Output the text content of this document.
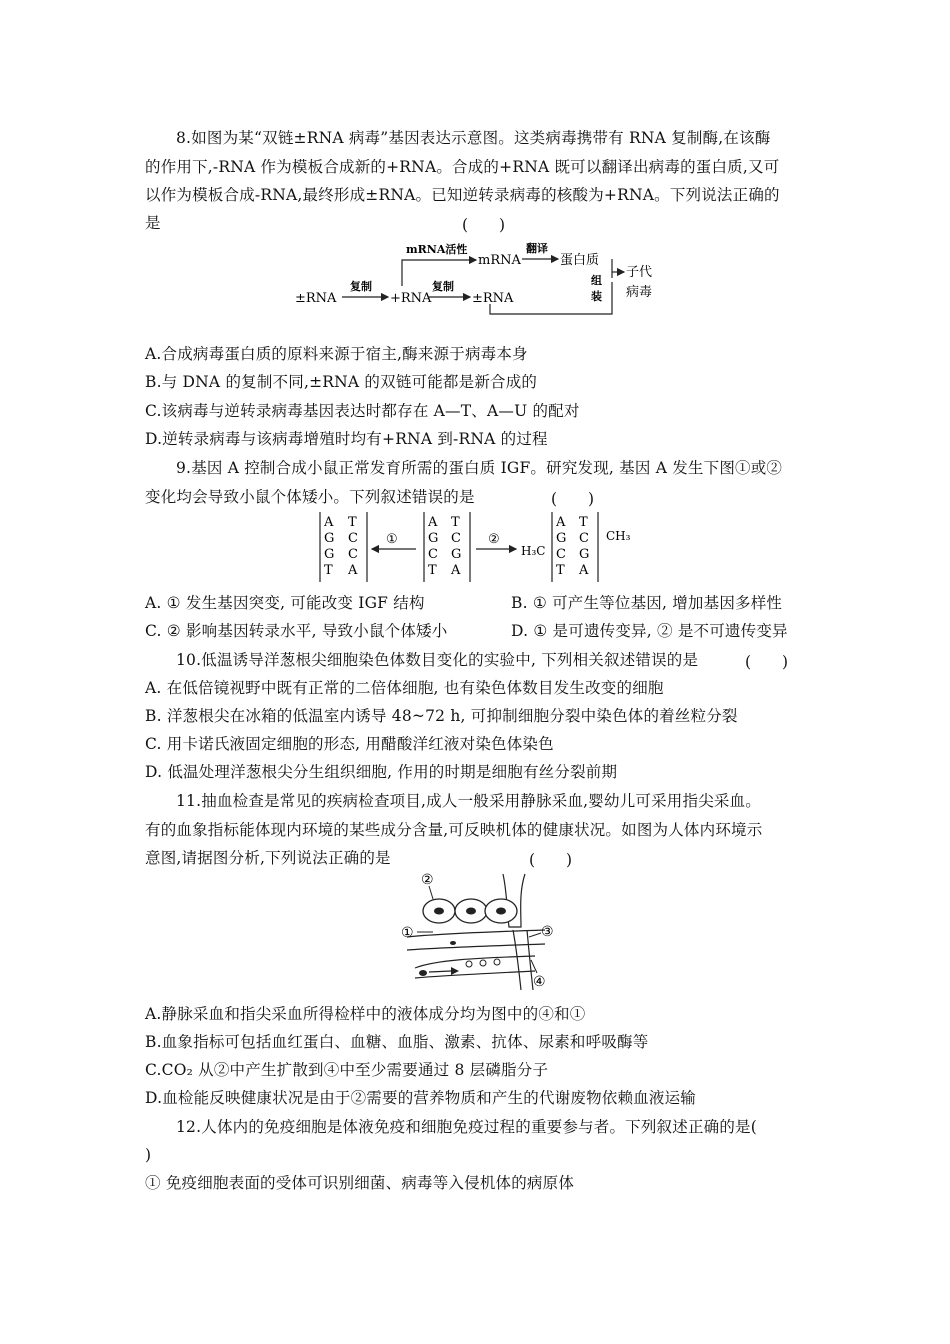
8.如图为某“双链±RNA 病毒”基因表达示意图。这类病毒携带有 RNA 复制酶,在该酶
的作用下,-RNA 作为模板合成新的+RNA。合成的+RNA 既可以翻译出病毒的蛋白质,又可
以作为模板合成-RNA,最终形成±RNA。已知逆转录病毒的核酸为+RNA。下列说法正确的
是	(　　)
±RNA
复制
+RNA
复制
±RNA
mRNA活性
mRNA
翻译
蛋白质
组
装
子代
病毒
A.合成病毒蛋白质的原料来源于宿主,酶来源于病毒本身
B.与 DNA 的复制不同,±RNA 的双链可能都是新合成的
C.该病毒与逆转录病毒基因表达时都存在 A—T、A—U 的配对
D.逆转录病毒与该病毒增殖时均有+RNA 到-RNA 的过程
9.基因 A 控制合成小鼠正常发育所需的蛋白质 IGF。研究发现, 基因 A 发生下图①或②
变化均会导致小鼠个体矮小。下列叙述错误的是	(　　)
A
G
G
T
T
C
C
A
①
A
G
C
T
T
C
G
A
②
H₃C
A
G
C
T
T
C
G
A
CH₃
A. ① 发生基因突变, 可能改变 IGF 结构	B. ① 可产生等位基因, 增加基因多样性
C. ② 影响基因转录水平, 导致小鼠个体矮小	D. ① 是可遗传变异, ② 是不可遗传变异
10.低温诱导洋葱根尖细胞染色体数目变化的实验中, 下列相关叙述错误的是	(　　)
A. 在低倍镜视野中既有正常的二倍体细胞, 也有染色体数目发生改变的细胞
B. 洋葱根尖在冰箱的低温室内诱导 48~72 h, 可抑制细胞分裂中染色体的着丝粒分裂
C. 用卡诺氏液固定细胞的形态, 用醋酸洋红液对染色体染色
D. 低温处理洋葱根尖分生组织细胞, 作用的时期是细胞有丝分裂前期
11.抽血检查是常见的疾病检查项目,成人一般采用静脉采血,婴幼儿可采用指尖采血。
有的血象指标能体现内环境的某些成分含量,可反映机体的健康状况。如图为人体内环境示
意图,请据图分析,下列说法正确的是	(　　)
②
①	③
④
A.静脉采血和指尖采血所得检样中的液体成分均为图中的④和①
B.血象指标可包括血红蛋白、血糖、血脂、激素、抗体、尿素和呼吸酶等
C.CO₂ 从②中产生扩散到④中至少需要通过 8 层磷脂分子
D.血检能反映健康状况是由于②需要的营养物质和产生的代谢废物依赖血液运输
12.人体内的免疫细胞是体液免疫和细胞免疫过程的重要参与者。下列叙述正确的是(
)
① 免疫细胞表面的受体可识别细菌、病毒等入侵机体的病原体
